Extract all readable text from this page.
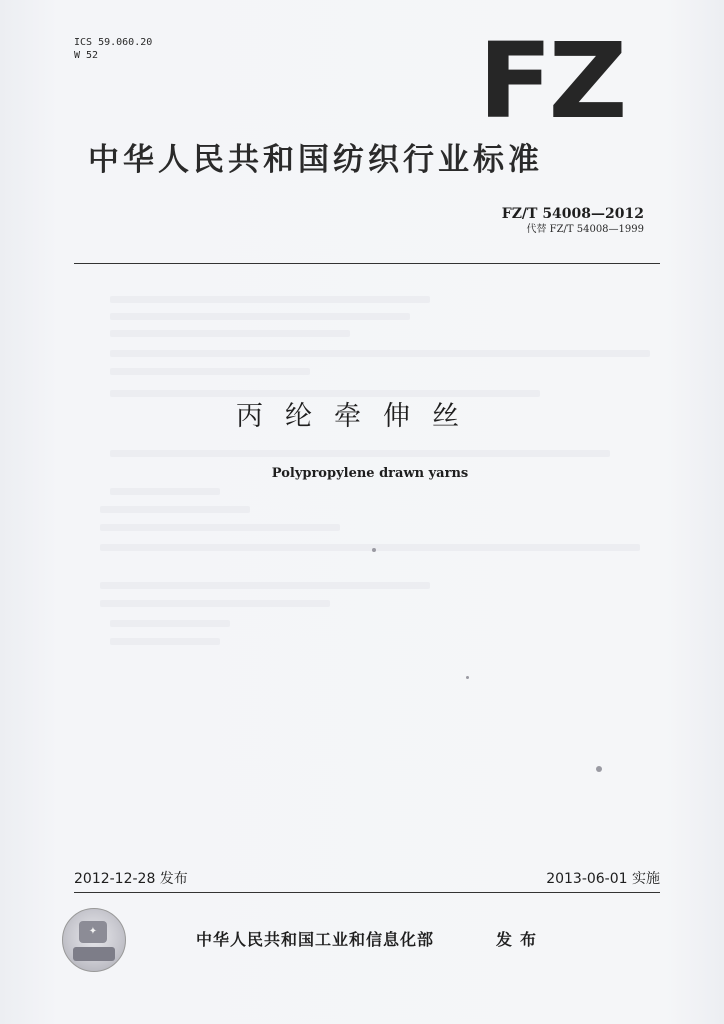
ICS 59.060.20
W 52	FZ
中华人民共和国纺织行业标准
FZ/T 54008—2012
代替 FZ/T 54008—1999
丙纶牵伸丝
Polypropylene drawn yarns
2012-12-28 发布	2013-06-01 实施
✦	中华人民共和国工业和信息化部	发布
